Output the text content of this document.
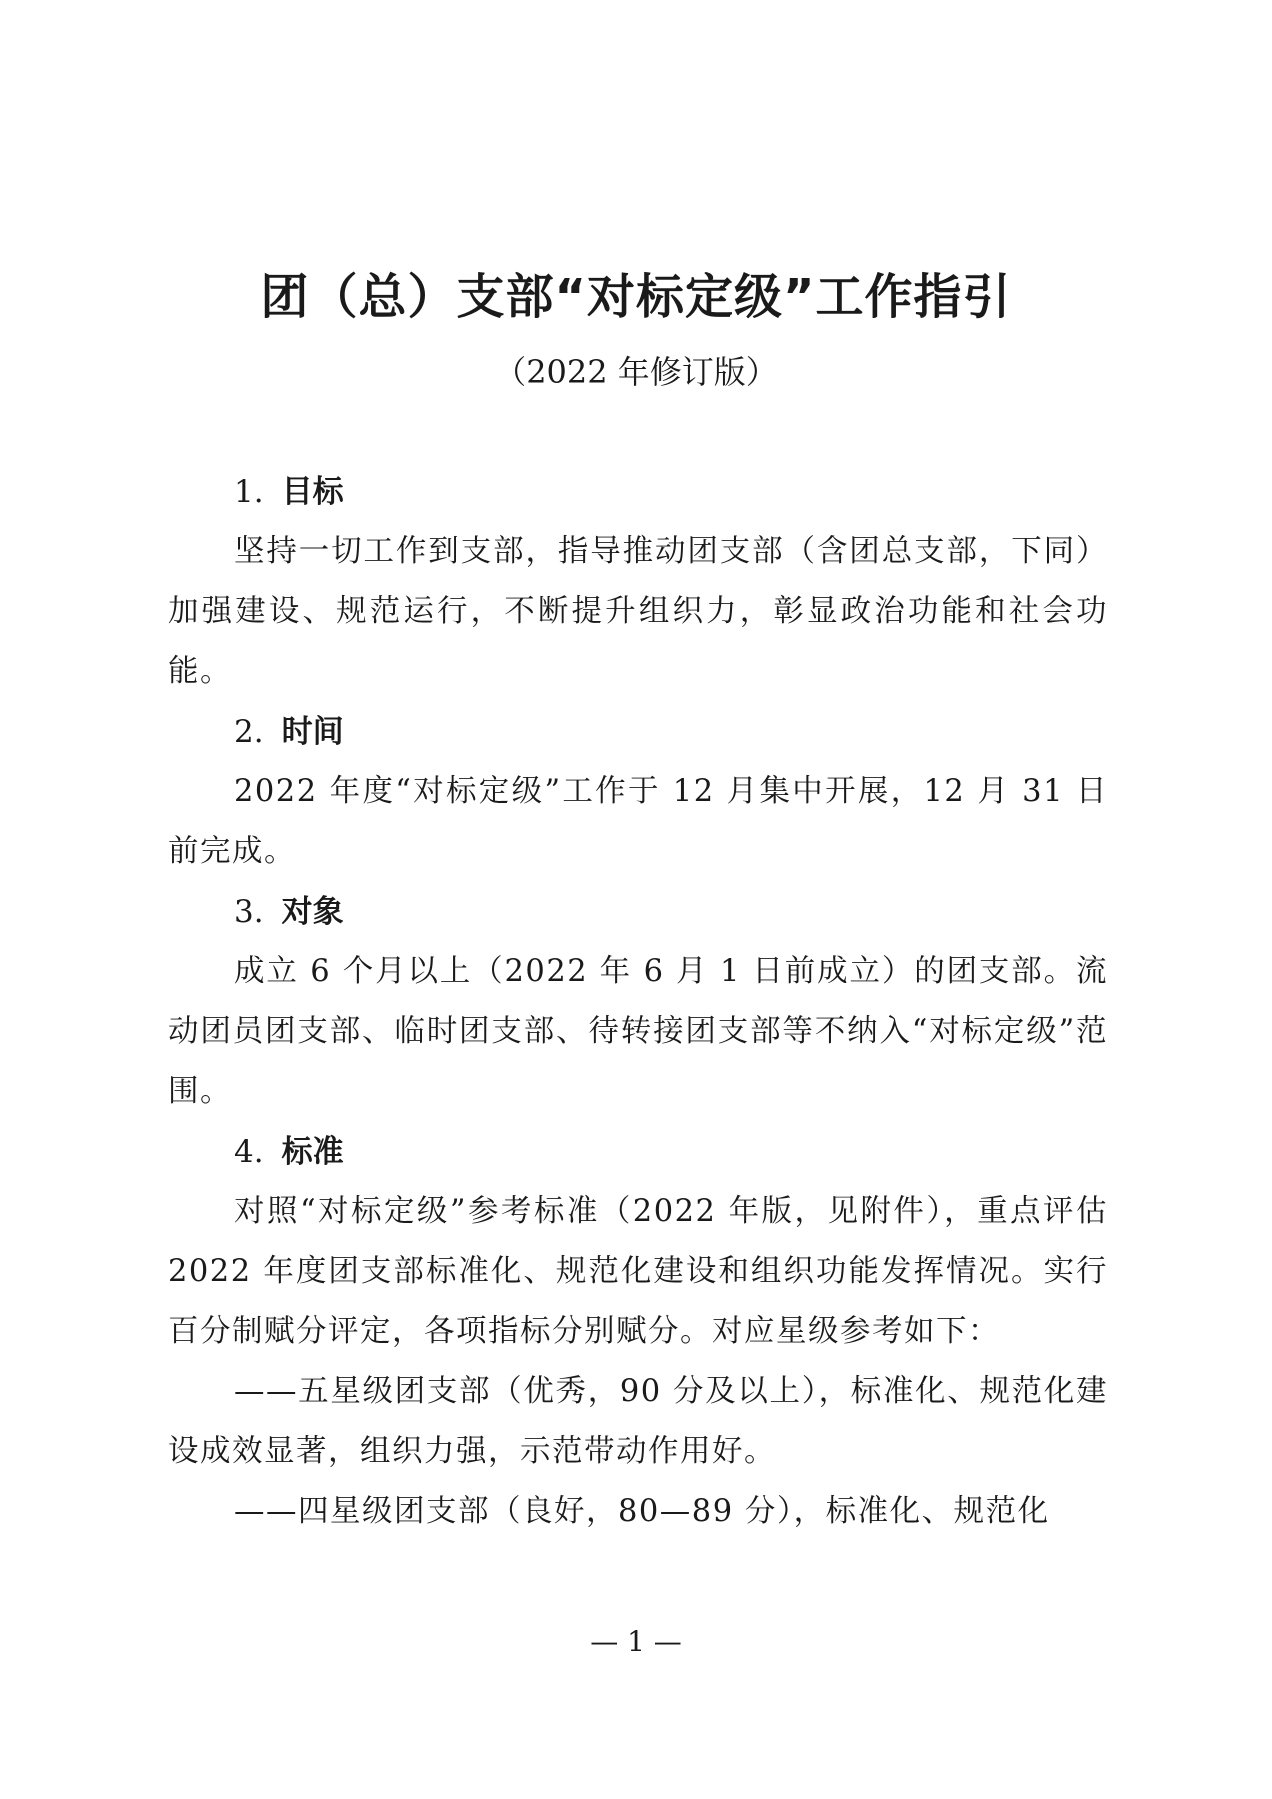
团（总）支部“对标定级”工作指引
（2022 年修订版）
1. 目标

坚持一切工作到支部，指导推动团支部（含团总支部，下同）加强建设、规范运行，不断提升组织力，彰显政治功能和社会功能。

2. 时间

2022 年度“对标定级”工作于 12 月集中开展，12 月 31 日前完成。

3. 对象

成立 6 个月以上（2022 年 6 月 1 日前成立）的团支部。流动团员团支部、临时团支部、待转接团支部等不纳入“对标定级”范围。

4. 标准

对照“对标定级”参考标准（2022 年版，见附件），重点评估 2022 年度团支部标准化、规范化建设和组织功能发挥情况。实行百分制赋分评定，各项指标分别赋分。对应星级参考如下：

——五星级团支部（优秀，90 分及以上），标准化、规范化建设成效显著，组织力强，示范带动作用好。

——四星级团支部（良好，80—89 分），标准化、规范化

— 1 —
